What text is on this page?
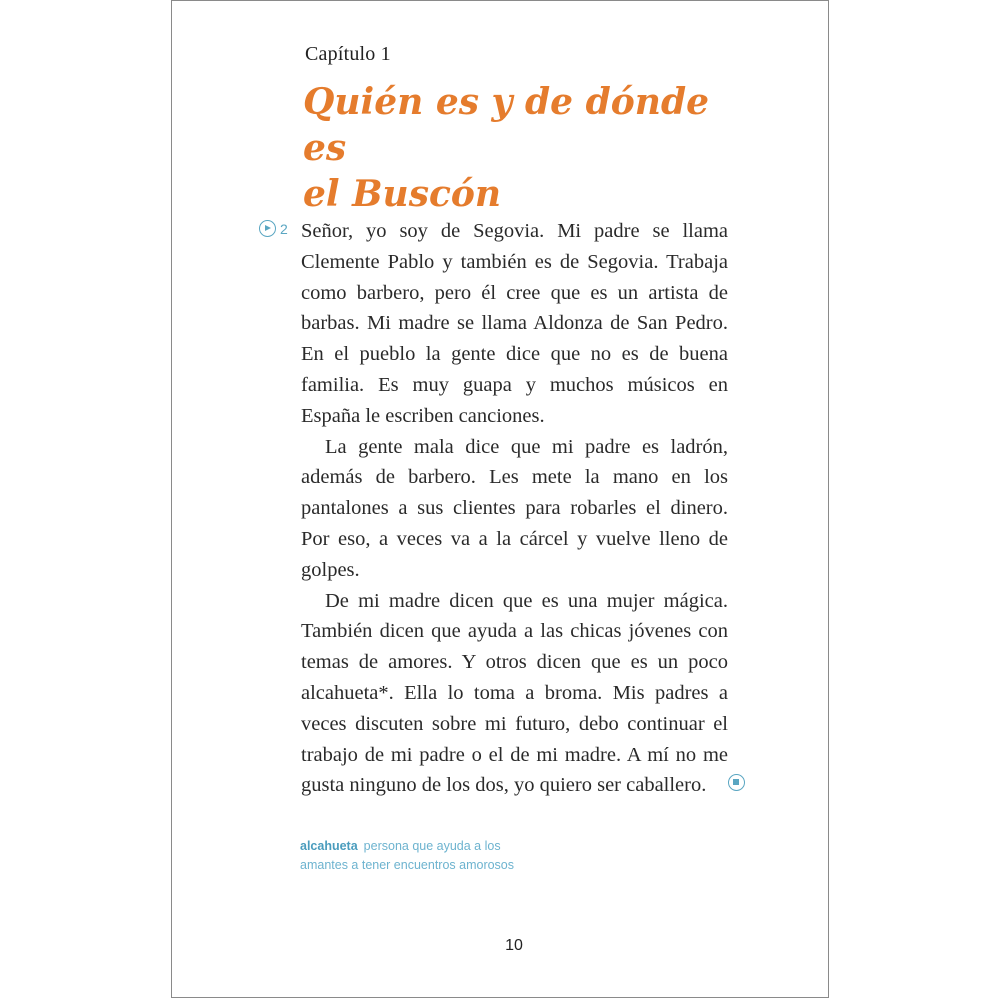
Capítulo 1
Quién es y de dónde es
el Buscón
2 Señor, yo soy de Segovia. Mi padre se llama
Clemente Pablo y también es de Segovia. Trabaja
como barbero, pero él cree que es un artista de
barbas. Mi madre se llama Aldonza de San Pedro.
En el pueblo la gente dice que no es de buena
familia. Es muy guapa y muchos músicos en
España le escriben canciones.

La gente mala dice que mi padre es ladrón,
además de barbero. Les mete la mano en los
pantalones a sus clientes para robarles el dinero.
Por eso, a veces va a la cárcel y vuelve lleno de
golpes.

De mi madre dicen que es una mujer mágica.
También dicen que ayuda a las chicas jóvenes con
temas de amores. Y otros dicen que es un poco
alcahueta*. Ella lo toma a broma. Mis padres a
veces discuten sobre mi futuro, debo continuar el
trabajo de mi padre o el de mi madre. A mí no me
gusta ninguno de los dos, yo quiero ser caballero.

alcahueta persona que ayuda a los
amantes a tener encuentros amorosos
10
